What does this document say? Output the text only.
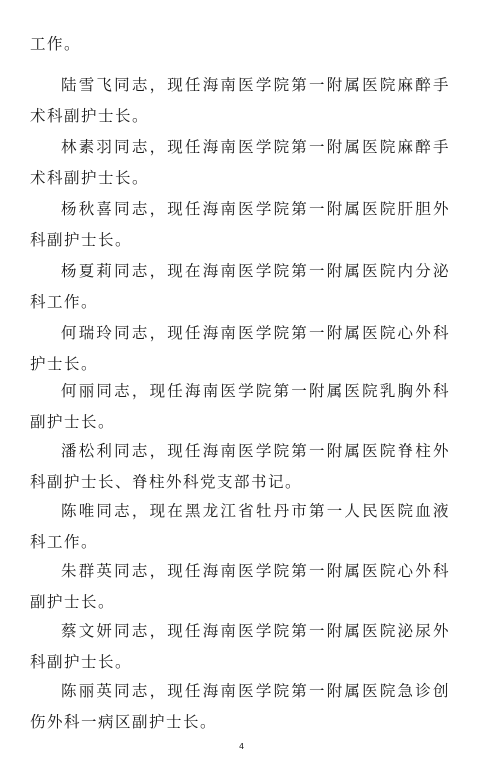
工作。

陆雪飞同志，现任海南医学院第一附属医院麻醉手术科副护士长。

林素羽同志，现任海南医学院第一附属医院麻醉手术科副护士长。

杨秋喜同志，现任海南医学院第一附属医院肝胆外科副护士长。

杨夏莉同志，现在海南医学院第一附属医院内分泌科工作。

何瑞玲同志，现任海南医学院第一附属医院心外科护士长。

何丽同志，现任海南医学院第一附属医院乳胸外科副护士长。

潘松利同志，现任海南医学院第一附属医院脊柱外科副护士长、脊柱外科党支部书记。

陈唯同志，现在黑龙江省牡丹市第一人民医院血液科工作。

朱群英同志，现任海南医学院第一附属医院心外科副护士长。

蔡文妍同志，现任海南医学院第一附属医院泌尿外科副护士长。

陈丽英同志，现任海南医学院第一附属医院急诊创伤外科一病区副护士长。

4
